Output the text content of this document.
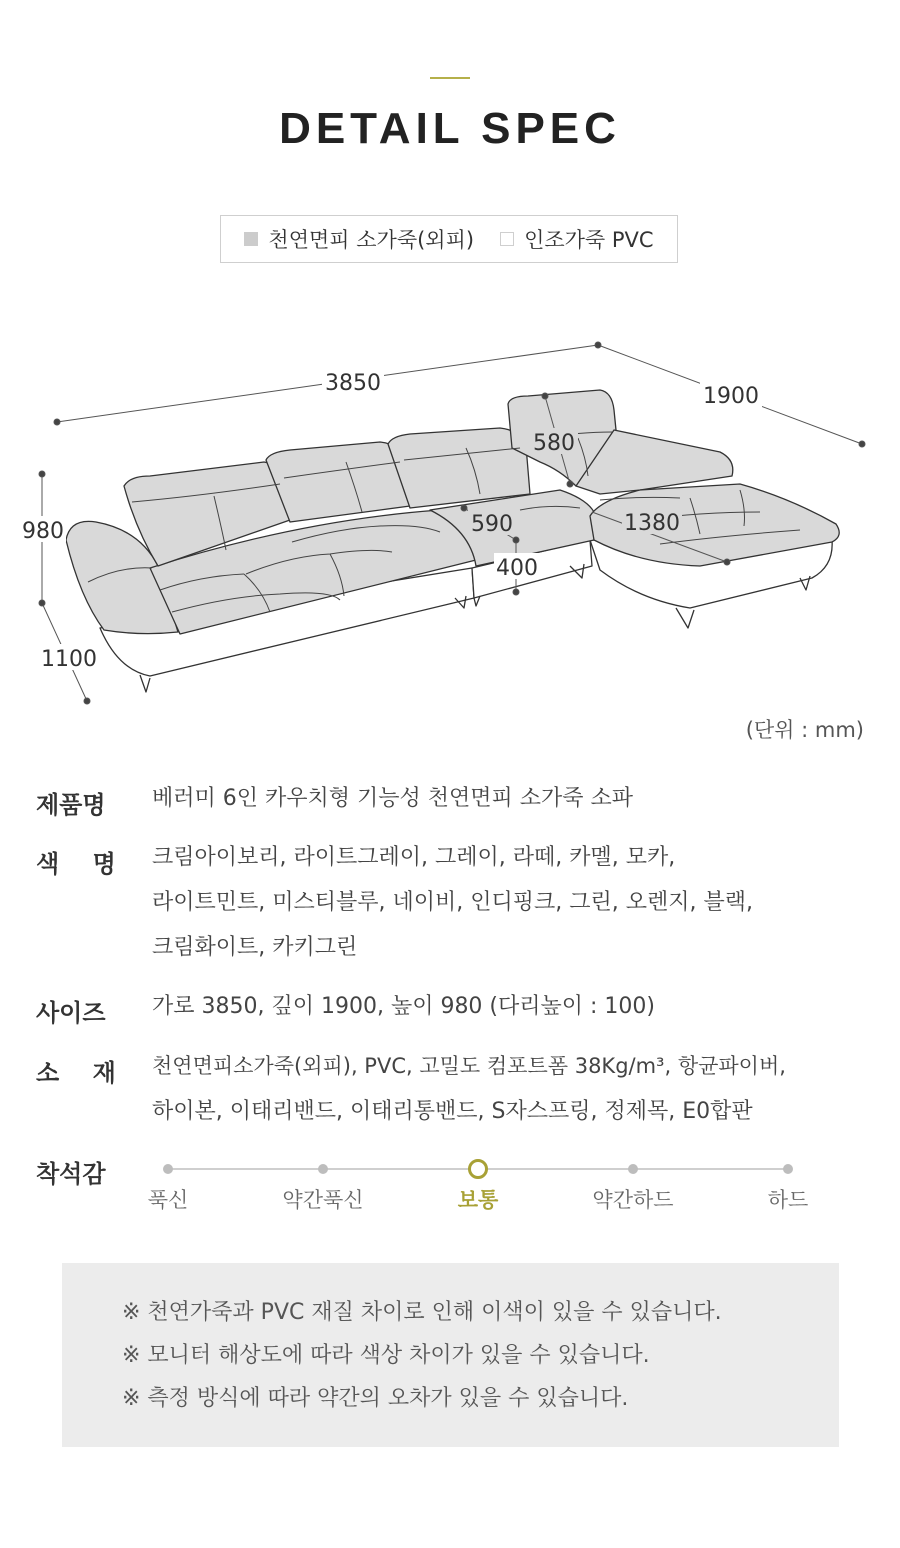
DETAIL SPEC
천연면피 소가죽(외피) 인조가죽 PVC
3850
1900
980
1100
580
590
400
1380
(단위 : mm)
제품명 베러미 6인 카우치형 기능성 천연면피 소가죽 소파
색    명 크림아이보리, 라이트그레이, 그레이, 라떼, 카멜, 모카,
라이트민트, 미스티블루, 네이비, 인디핑크, 그린, 오렌지, 블랙,
크림화이트, 카키그린
사이즈 가로 3850, 깊이 1900, 높이 980 (다리높이 : 100)
소    재 천연면피소가죽(외피), PVC, 고밀도 컴포트폼 38Kg/m³, 항균파이버,
하이본, 이태리밴드, 이태리통밴드, S자스프링, 정제목, E0합판
착석감
푹신	약간푹신	보통	약간하드	하드
※ 천연가죽과 PVC 재질 차이로 인해 이색이 있을 수 있습니다.
※ 모니터 해상도에 따라 색상 차이가 있을 수 있습니다.
※ 측정 방식에 따라 약간의 오차가 있을 수 있습니다.
